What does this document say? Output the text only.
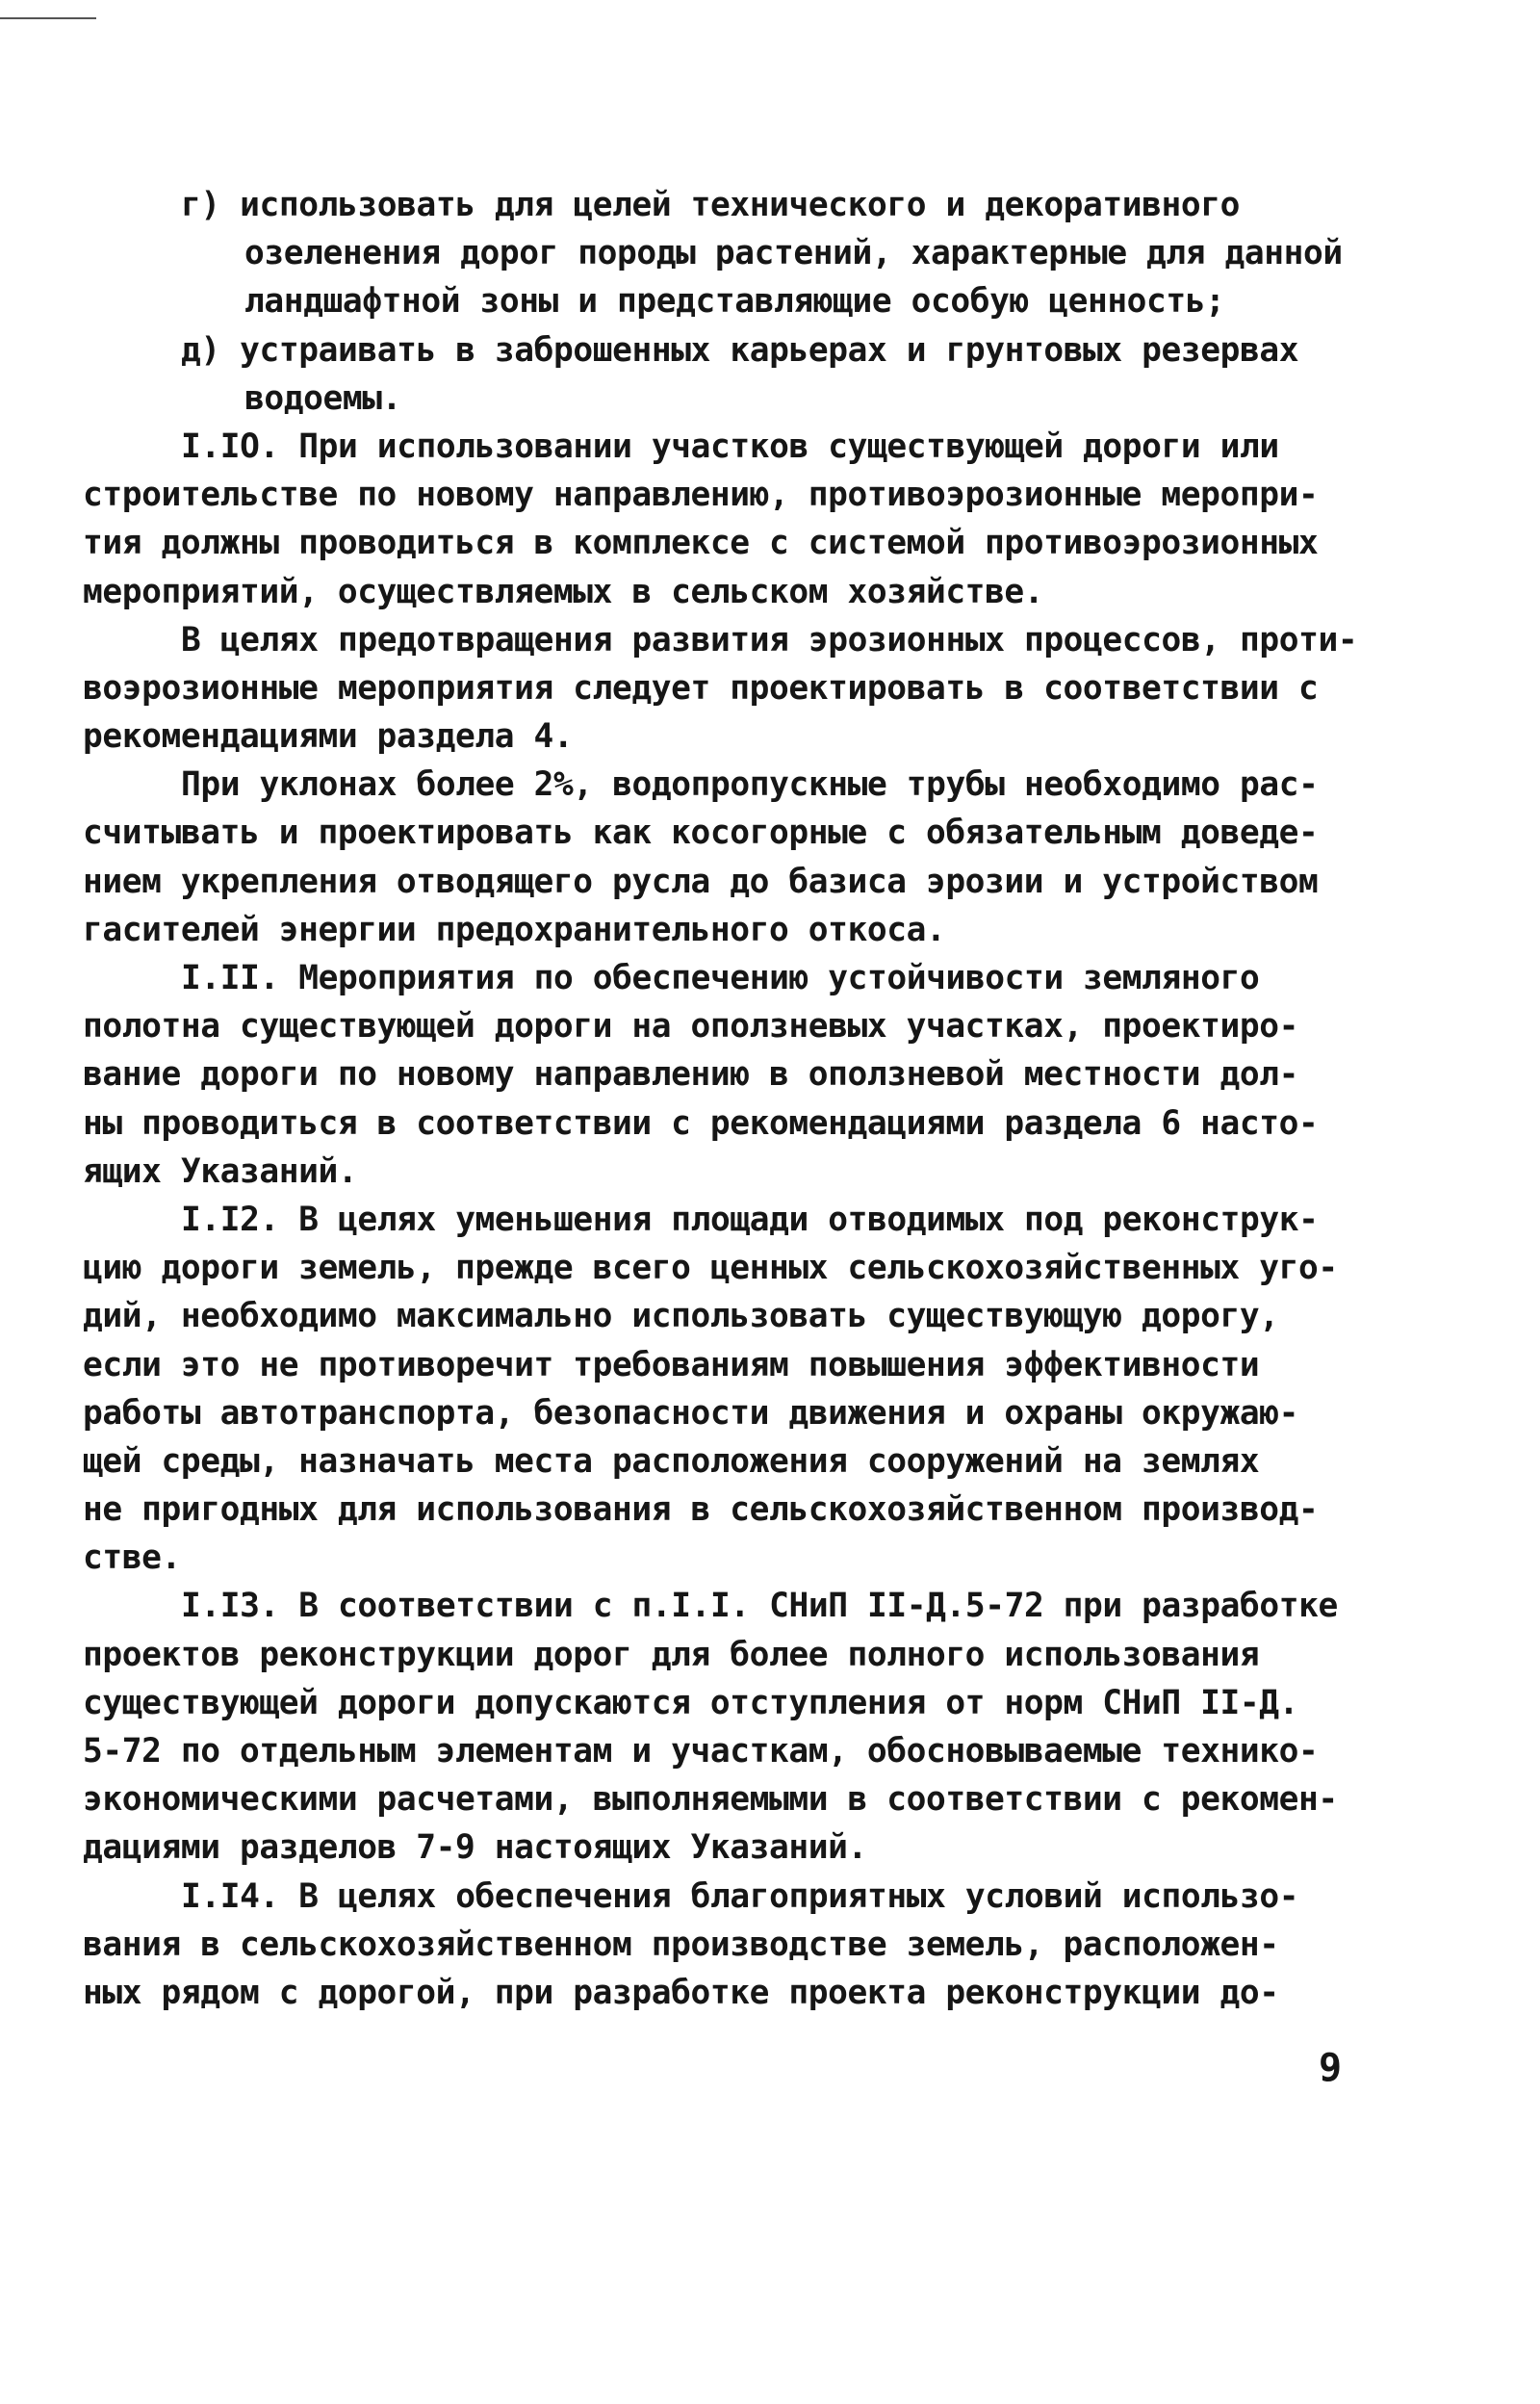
г) использовать для целей технического и декоративного
озеленения дорог породы растений, характерные для данной
ландшафтной зоны и представляющие особую ценность;
д) устраивать в заброшенных карьерах и грунтовых резервах
водоемы.
I.IO. При использовании участков существующей дороги или
строительстве по новому направлению, противоэрозионные меропри-
тия должны проводиться в комплексе с системой противоэрозионных
мероприятий, осуществляемых в сельском хозяйстве.
В целях предотвращения развития эрозионных процессов, проти-
воэрозионные мероприятия следует проектировать в соответствии с
рекомендациями раздела 4.
При уклонах более 2%, водопропускные трубы необходимо рас-
считывать и проектировать как косогорные с обязательным доведе-
нием укрепления отводящего русла до базиса эрозии и устройством
гасителей энергии предохранительного откоса.
I.II. Мероприятия по обеспечению устойчивости земляного
полотна существующей дороги на оползневых участках, проектиро-
вание дороги по новому направлению в оползневой местности дол-
ны проводиться в соответствии с рекомендациями раздела 6 насто-
ящих Указаний.
I.I2. В целях уменьшения площади отводимых под реконструк-
цию дороги земель, прежде всего ценных сельскохозяйственных уго-
дий, необходимо максимально использовать существующую дорогу,
если это не противоречит требованиям повышения эффективности
работы автотранспорта, безопасности движения и охраны окружаю-
щей среды, назначать места расположения сооружений на землях
не пригодных для использования в сельскохозяйственном производ-
стве.
I.I3. В соответствии с п.I.I. СНиП II-Д.5-72 при разработке
проектов реконструкции дорог для более полного использования
существующей дороги допускаются отступления от норм СНиП II-Д.
5-72 по отдельным элементам и участкам, обосновываемые технико-
экономическими расчетами, выполняемыми в соответствии с рекомен-
дациями разделов 7-9 настоящих Указаний.
I.I4. В целях обеспечения благоприятных условий использо-
вания в сельскохозяйственном производстве земель, расположен-
ных рядом с дорогой, при разработке проекта реконструкции до-
9
